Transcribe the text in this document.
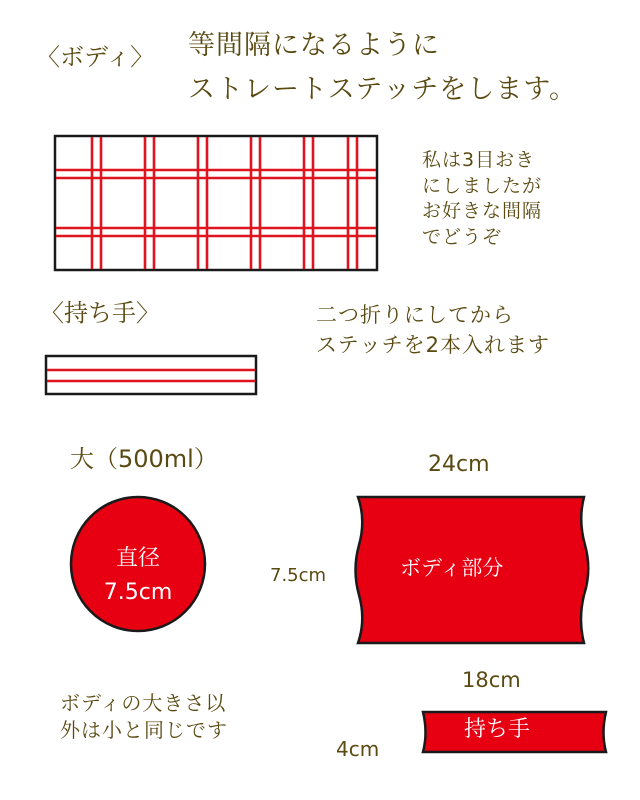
〈ボディ〉 等間隔になるように
ストレートステッチをします。
私は3目おき
にしましたが
お好きな間隔
でどうぞ
〈持ち手〉	二つ折りにしてから
ステッチを2本入れます
大（500ml）
直径
7.5cm
24cm
7.5cm	ボディ部分
18cm
持ち手
4cm
ボディの大きさ以
外は小と同じです
